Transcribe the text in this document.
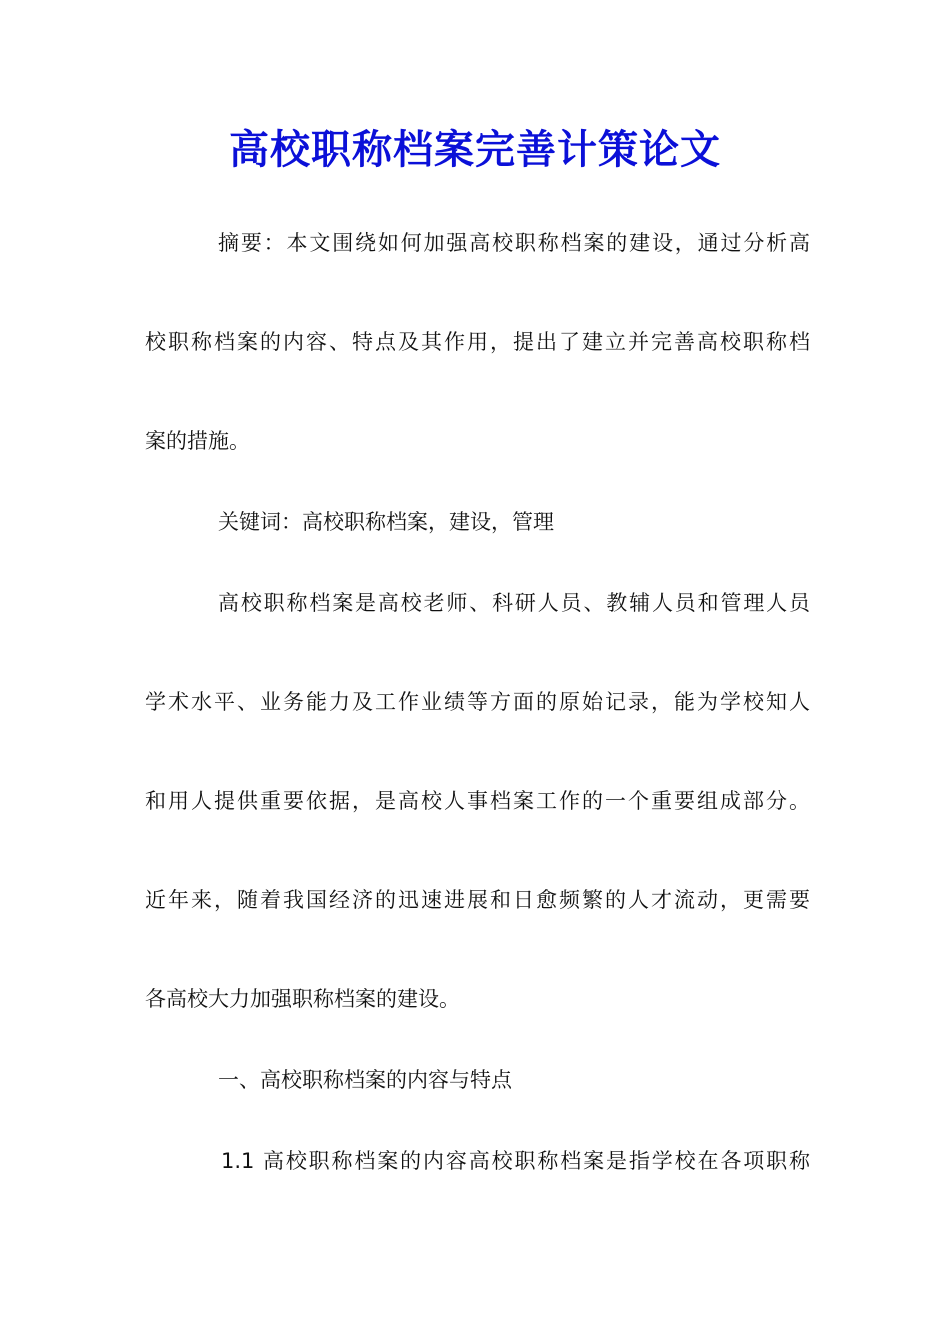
高校职称档案完善计策论文
摘要：本文围绕如何加强高校职称档案的建设，通过分析高
校职称档案的内容、特点及其作用，提出了建立并完善高校职称档
案的措施。
关键词：高校职称档案，建设，管理
高校职称档案是高校老师、科研人员、教辅人员和管理人员
学术水平、业务能力及工作业绩等方面的原始记录，能为学校知人
和用人提供重要依据，是高校人事档案工作的一个重要组成部分。
近年来，随着我国经济的迅速进展和日愈频繁的人才流动，更需要
各高校大力加强职称档案的建设。
一、高校职称档案的内容与特点
1.1 高校职称档案的内容高校职称档案是指学校在各项职称
